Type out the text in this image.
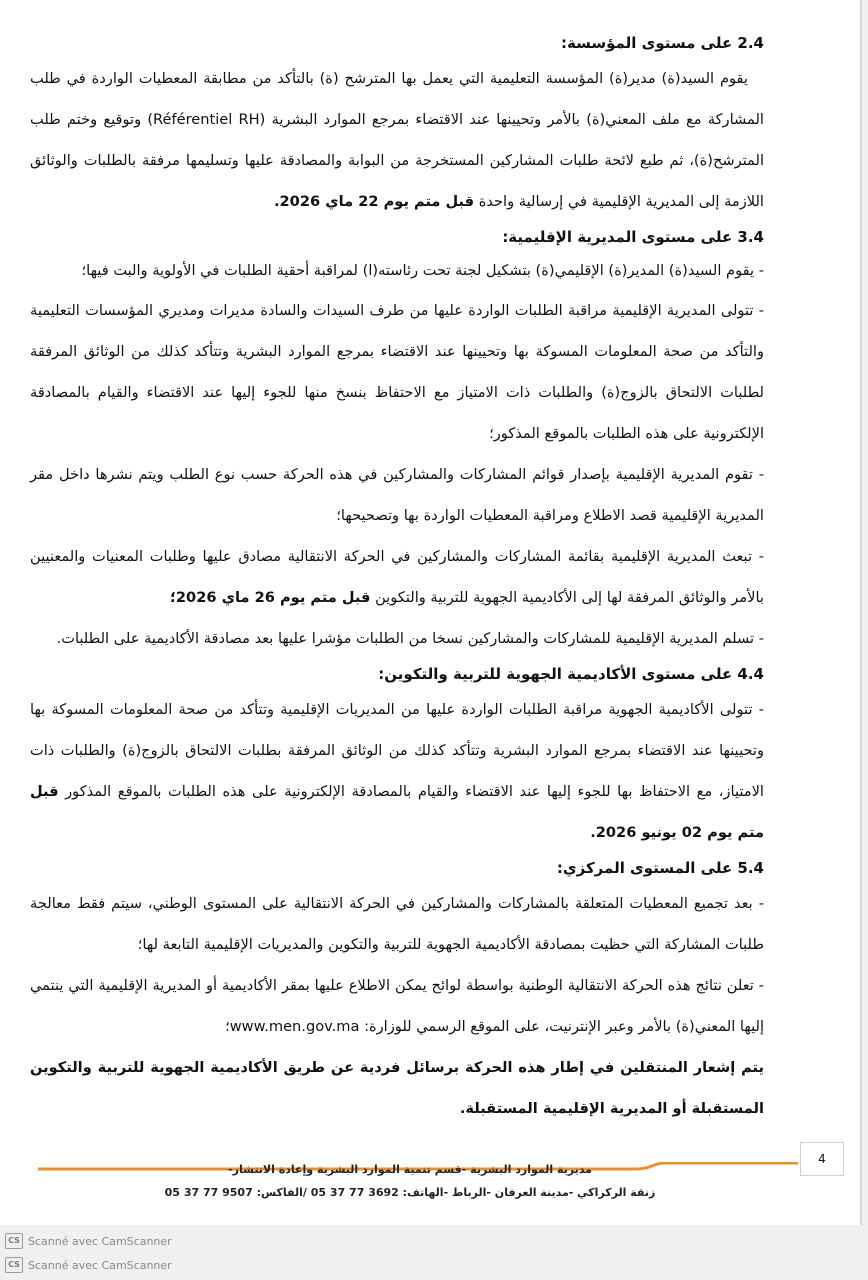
2.4 على مستوى المؤسسة:

يقوم السيد(ة) مدير(ة) المؤسسة التعليمية التي يعمل بها المترشح (ة) بالتأكد من مطابقة المعطيات الواردة في طلب المشاركة مع ملف المعني(ة) بالأمر وتحيينها عند الاقتضاء بمرجع الموارد البشرية (Référentiel RH) وتوقيع وختم طلب المترشح(ة)، ثم طبع لائحة طلبات المشاركين المستخرجة من البوابة والمصادقة عليها وتسليمها مرفقة بالطلبات والوثائق اللازمة إلى المديرية الإقليمية في إرسالية واحدة قبل متم يوم 22 ماي 2026.

3.4 على مستوى المديرية الإقليمية:

- يقوم السيد(ة) المدير(ة) الإقليمي(ة) بتشكيل لجنة تحت رئاسته(ا) لمراقبة أحقية الطلبات في الأولوية والبت فيها؛

- تتولى المديرية الإقليمية مراقبة الطلبات الواردة عليها من طرف السيدات والسادة مديرات ومديري المؤسسات التعليمية والتأكد من صحة المعلومات المسوكة بها وتحيينها عند الاقتضاء بمرجع الموارد البشرية وتتأكد كذلك من الوثائق المرفقة لطلبات الالتحاق بالزوج(ة) والطلبات ذات الامتياز مع الاحتفاظ بنسخ منها للجوء إليها عند الاقتضاء والقيام بالمصادقة الإلكترونية على هذه الطلبات بالموقع المذكور؛

- تقوم المديرية الإقليمية بإصدار قوائم المشاركات والمشاركين في هذه الحركة حسب نوع الطلب ويتم نشرها داخل مقر المديرية الإقليمية قصد الاطلاع ومراقبة المعطيات الواردة بها وتصحيحها؛

- تبعث المديرية الإقليمية بقائمة المشاركات والمشاركين في الحركة الانتقالية مصادق عليها وطلبات المعنيات والمعنيين بالأمر والوثائق المرفقة لها إلى الأكاديمية الجهوية للتربية والتكوين قبل متم يوم 26 ماي 2026؛

- تسلم المديرية الإقليمية للمشاركات والمشاركين نسخا من الطلبات مؤشرا عليها بعد مصادقة الأكاديمية على الطلبات.

4.4 على مستوى الأكاديمية الجهوية للتربية والتكوين:

- تتولى الأكاديمية الجهوية مراقبة الطلبات الواردة عليها من المديريات الإقليمية وتتأكد من صحة المعلومات المسوكة بها وتحيينها عند الاقتضاء بمرجع الموارد البشرية وتتأكد كذلك من الوثائق المرفقة بطلبات الالتحاق بالزوج(ة) والطلبات ذات الامتياز، مع الاحتفاظ بها للجوء إليها عند الاقتضاء والقيام بالمصادقة الإلكترونية على هذه الطلبات بالموقع المذكور قبل متم يوم 02 يونيو 2026.

5.4 على المستوى المركزي:

- بعد تجميع المعطيات المتعلقة بالمشاركات والمشاركين في الحركة الانتقالية على المستوى الوطني، سيتم فقط معالجة طلبات المشاركة التي حظيت بمصادقة الأكاديمية الجهوية للتربية والتكوين والمديريات الإقليمية التابعة لها؛

- تعلن نتائج هذه الحركة الانتقالية الوطنية بواسطة لوائح يمكن الاطلاع عليها بمقر الأكاديمية أو المديرية الإقليمية التي ينتمي إليها المعني(ة) بالأمر وعبر الإنترنيت، على الموقع الرسمي للوزارة: www.men.gov.ma؛

يتم إشعار المنتقلين في إطار هذه الحركة برسائل فردية عن طريق الأكاديمية الجهوية للتربية والتكوين المستقبلة أو المديرية الإقليمية المستقبلة.

4
مديرية الموارد البشرية -قسم تنمية الموارد البشرية وإعادة الانتشار-
زنقة الركراكي -مدينة العرفان -الرباط -الهاتف: 3692 77 37 05 /الفاكس: 9507 77 37 05
CS Scanné avec CamScanner
CS Scanné avec CamScanner
